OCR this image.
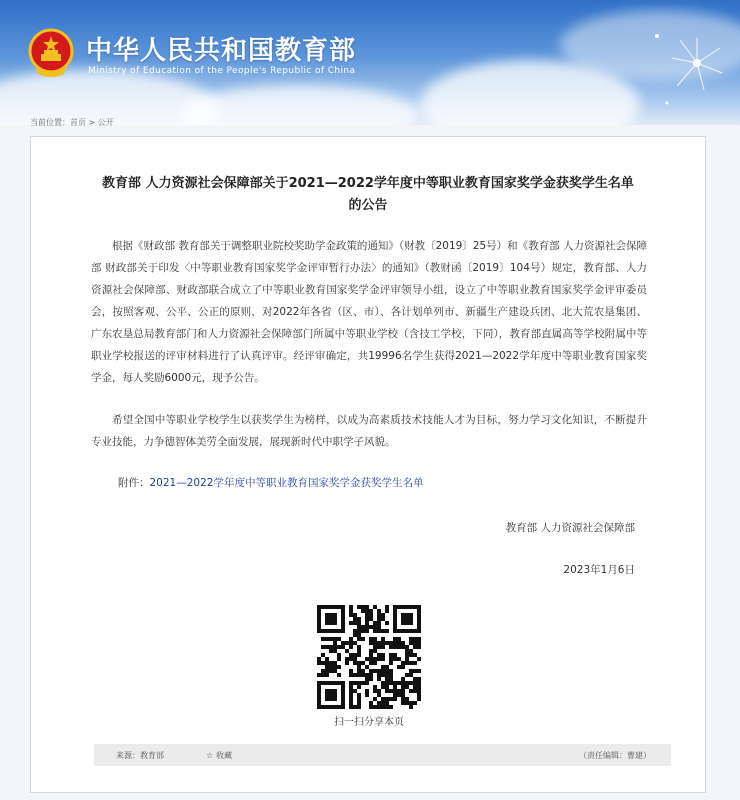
中华人民共和国教育部
Ministry of Education of the People's Republic of China
当前位置：首页 > 公开
教育部 人力资源社会保障部关于2021—2022学年度中等职业教育国家奖学金获奖学生名单
的公告
根据《财政部 教育部关于调整职业院校奖助学金政策的通知》（财教〔2019〕25号）和《教育部 人力资源社会保障部 财政部关于印发〈中等职业教育国家奖学金评审暂行办法〉的通知》（教财函〔2019〕104号）规定，教育部、人力资源社会保障部、财政部联合成立了中等职业教育国家奖学金评审领导小组，设立了中等职业教育国家奖学金评审委员会，按照客观、公平、公正的原则，对2022年各省（区、市）、各计划单列市、新疆生产建设兵团、北大荒农垦集团、广东农垦总局教育部门和人力资源社会保障部门所属中等职业学校（含技工学校，下同），教育部直属高等学校附属中等职业学校报送的评审材料进行了认真评审。经评审确定，共19996名学生获得2021—2022学年度中等职业教育国家奖学金，每人奖励6000元，现予公告。
希望全国中等职业学校学生以获奖学生为榜样，以成为高素质技术技能人才为目标，努力学习文化知识，不断提升专业技能，力争德智体美劳全面发展，展现新时代中职学子风貌。
附件：2021—2022学年度中等职业教育国家奖学金获奖学生名单
教育部 人力资源社会保障部
2023年1月6日
扫一扫分享本页
来源：教育部	☆ 收藏	（责任编辑：曹建）
